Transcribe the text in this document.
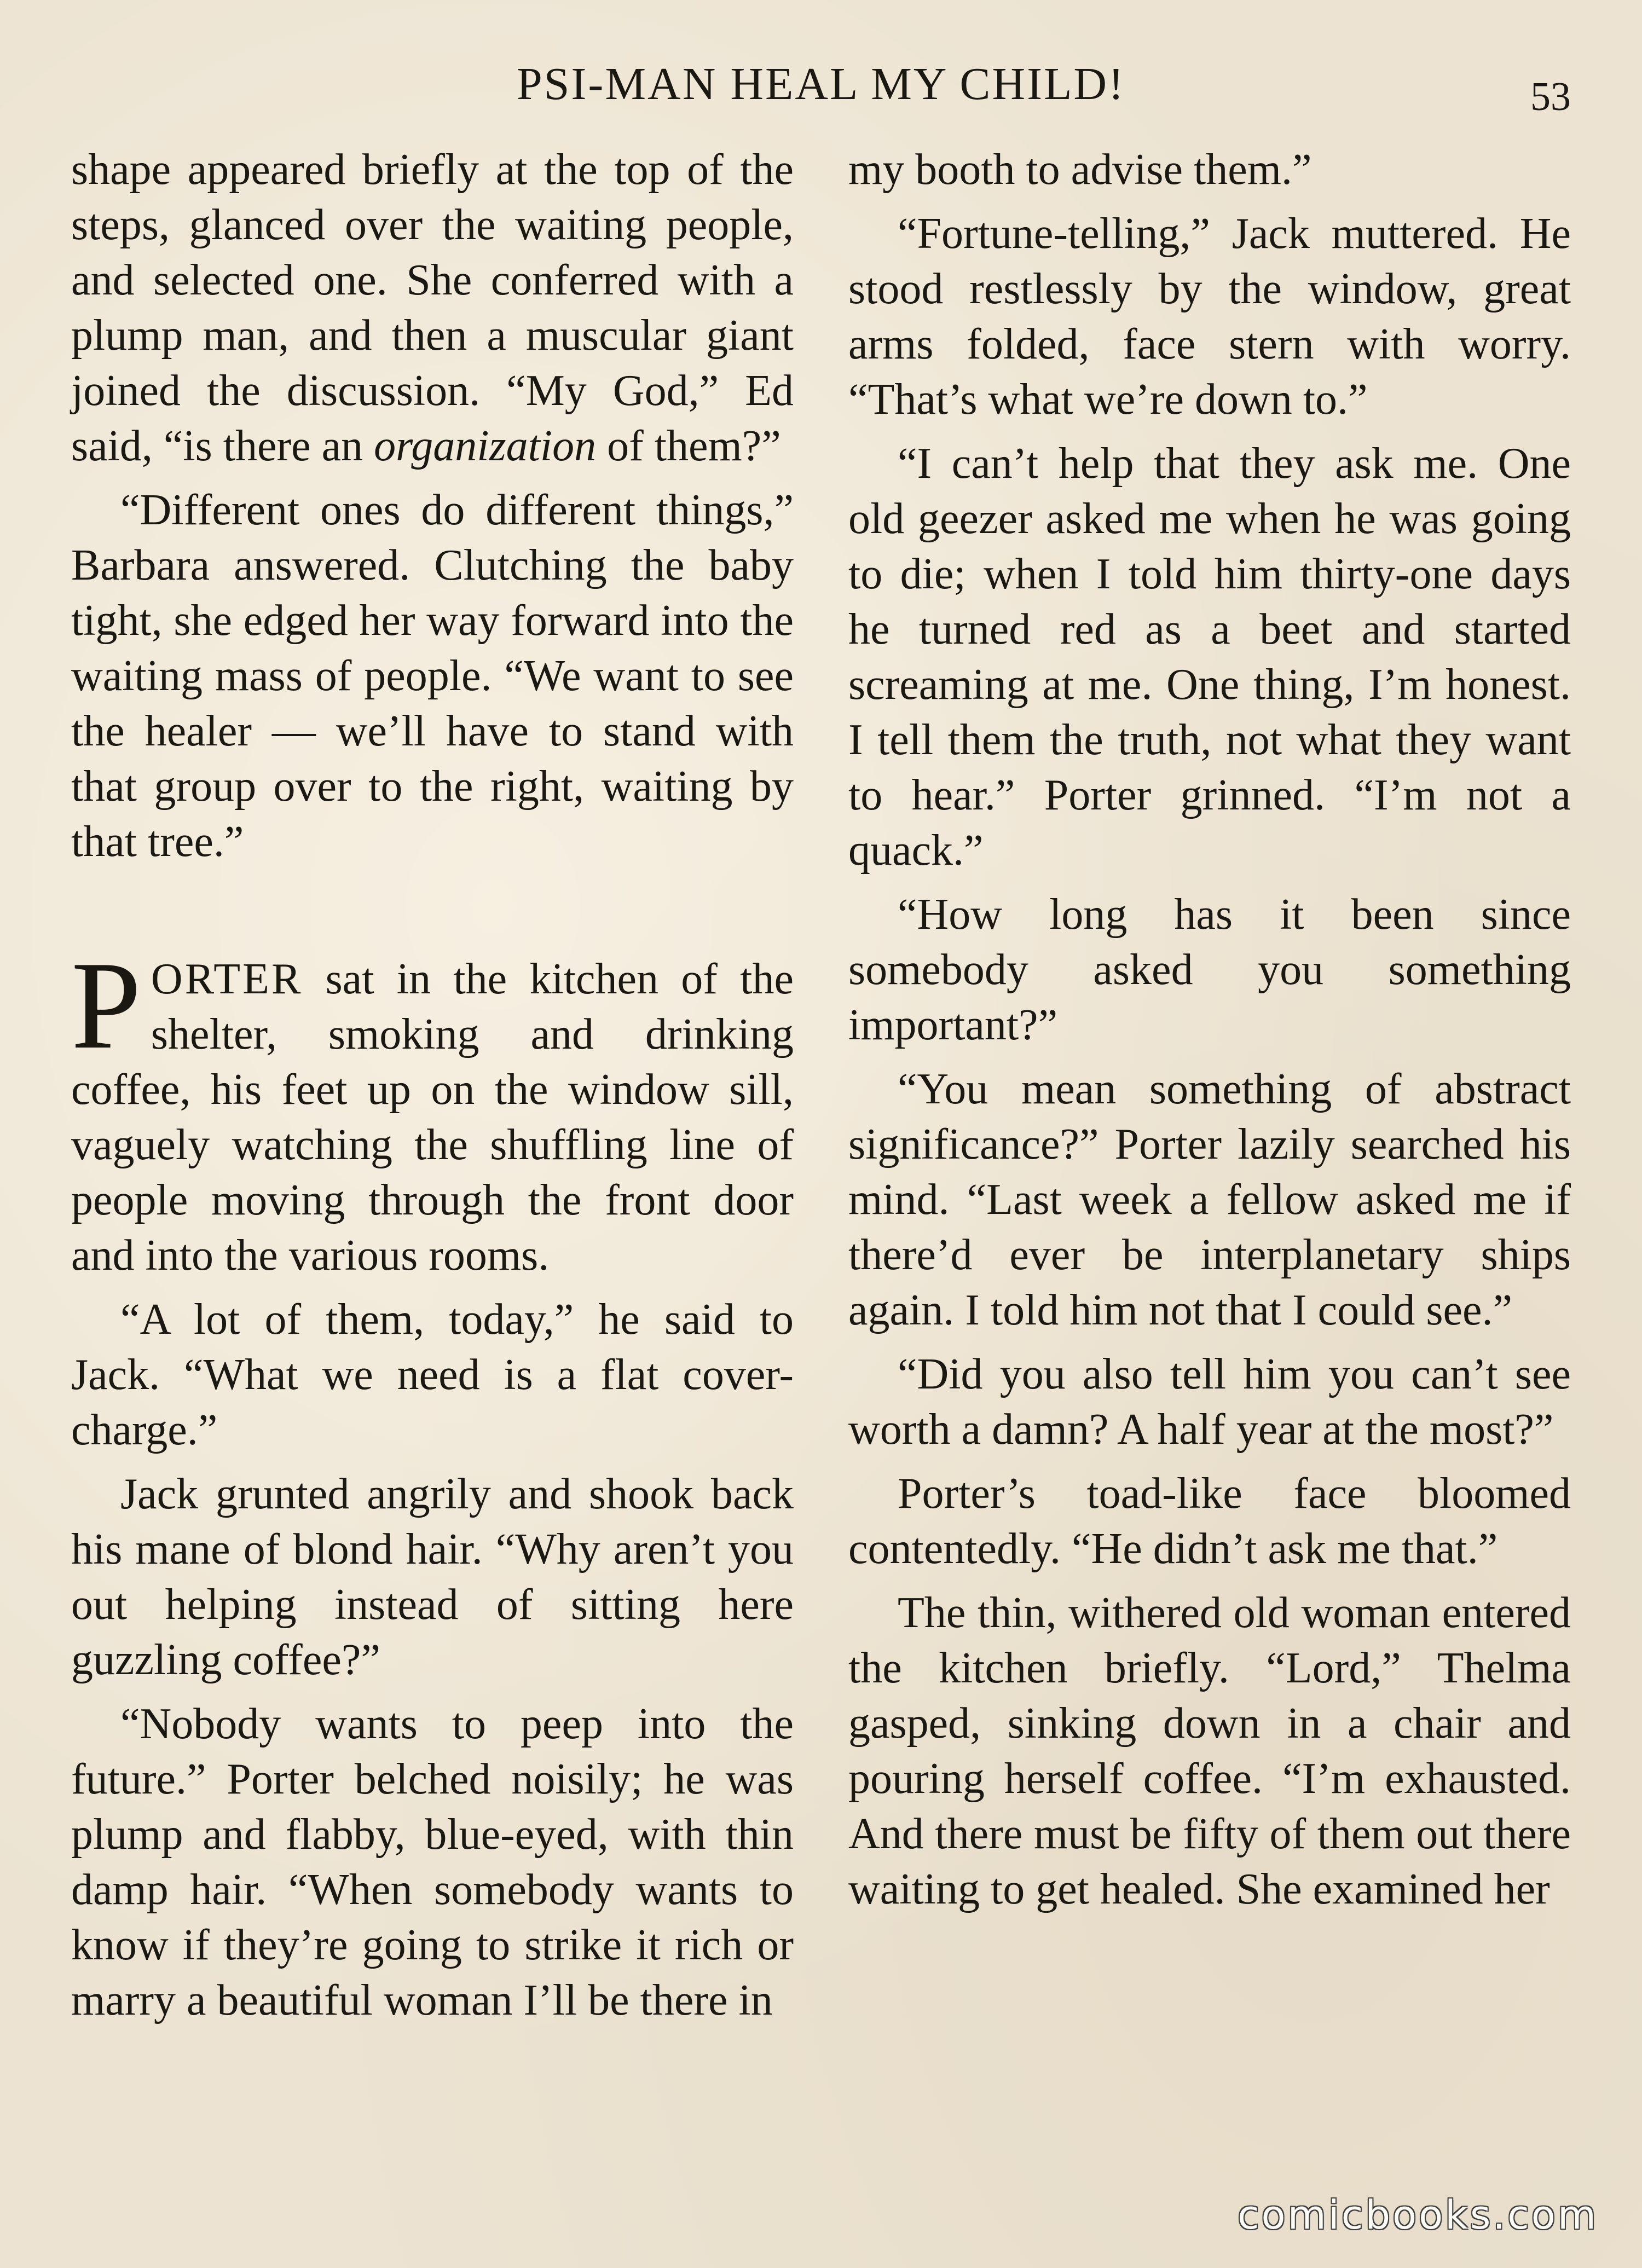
PSI-MAN HEAL MY CHILD!	53

shape appeared briefly at the top of the steps, glanced over the waiting people, and selected one. She conferred with a plump man, and then a muscular giant joined the discussion. “My God,” Ed said, “is there an organization of them?”

“Different ones do different things,” Barbara answered. Clutching the baby tight, she edged her way forward into the waiting mass of people. “We want to see the healer — we’ll have to stand with that group over to the right, waiting by that tree.”

PORTER sat in the kitchen of the shelter, smoking and drinking coffee, his feet up on the window sill, vaguely watching the shuffling line of people moving through the front door and into the various rooms.

“A lot of them, today,” he said to Jack. “What we need is a flat cover-charge.”

Jack grunted angrily and shook back his mane of blond hair. “Why aren’t you out helping instead of sitting here guzzling coffee?”

“Nobody wants to peep into the future.” Porter belched noisily; he was plump and flabby, blue-eyed, with thin damp hair. “When somebody wants to know if they’re going to strike it rich or marry a beautiful woman I’ll be there in

my booth to advise them.”

“Fortune-telling,” Jack muttered. He stood restlessly by the window, great arms folded, face stern with worry. “That’s what we’re down to.”

“I can’t help that they ask me. One old geezer asked me when he was going to die; when I told him thirty-one days he turned red as a beet and started screaming at me. One thing, I’m honest. I tell them the truth, not what they want to hear.” Porter grinned. “I’m not a quack.”

“How long has it been since somebody asked you something important?”

“You mean something of abstract significance?” Porter lazily searched his mind. “Last week a fellow asked me if there’d ever be interplanetary ships again. I told him not that I could see.”

“Did you also tell him you can’t see worth a damn? A half year at the most?”

Porter’s toad-like face bloomed contentedly. “He didn’t ask me that.”

The thin, withered old woman entered the kitchen briefly. “Lord,” Thelma gasped, sinking down in a chair and pouring herself coffee. “I’m exhausted. And there must be fifty of them out there waiting to get healed. She examined her

comicbooks.com
